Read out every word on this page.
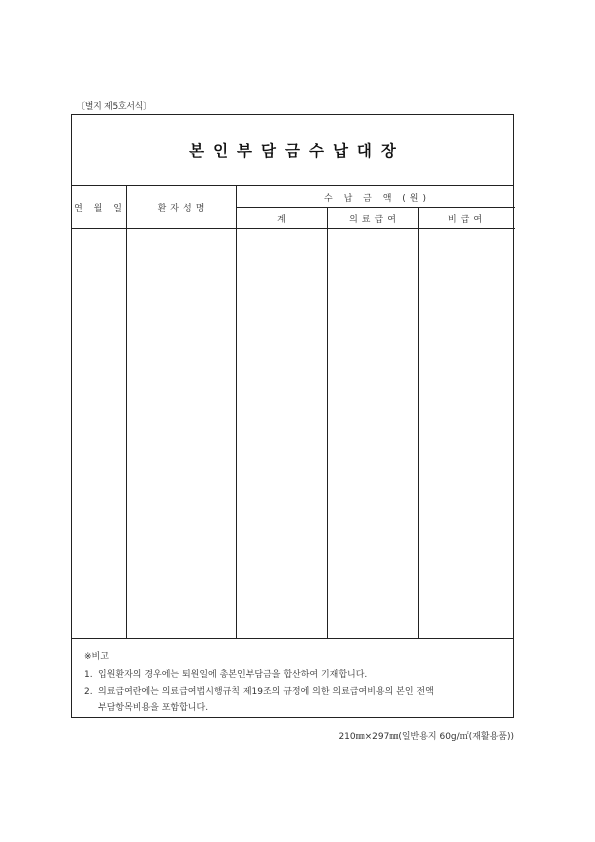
〔별지 제5호서식〕
본인부담금수납대장
연 월 일	환자성명
수 납 금 액 (원)
계	의료급여	비급여
※비고
1. 입원환자의 경우에는 퇴원일에 총본인부담금을 합산하여 기재합니다.
2. 의료급여란에는 의료급여법시행규칙 제19조의 규정에 의한 의료급여비용의 본인 전액
부담항목비용을 포함합니다.
210㎜×297㎜(일반용지 60g/㎡(재활용품))
